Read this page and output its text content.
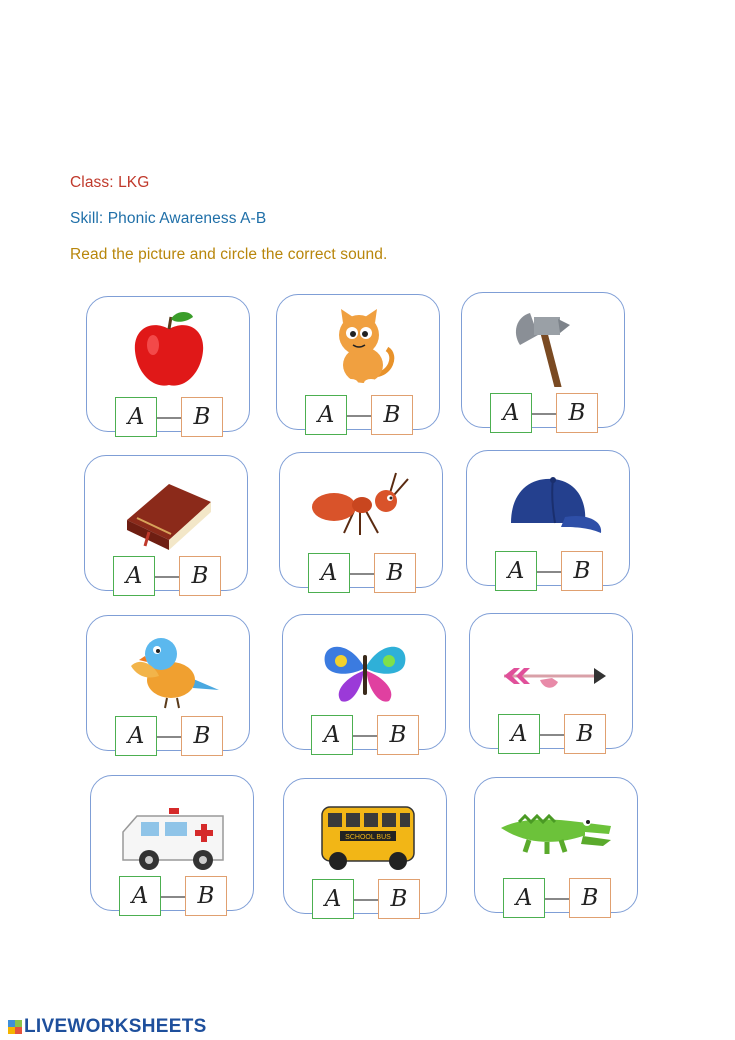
Class: LKG
Skill: Phonic Awareness A-B
Read the picture and circle the correct sound.
A	B	A	B	A	B
A	B	A	B	A	B
A	B	A	B	A	B
A	B
SCHOOL BUS
A	B	A	B
LIVEWORKSHEETS
